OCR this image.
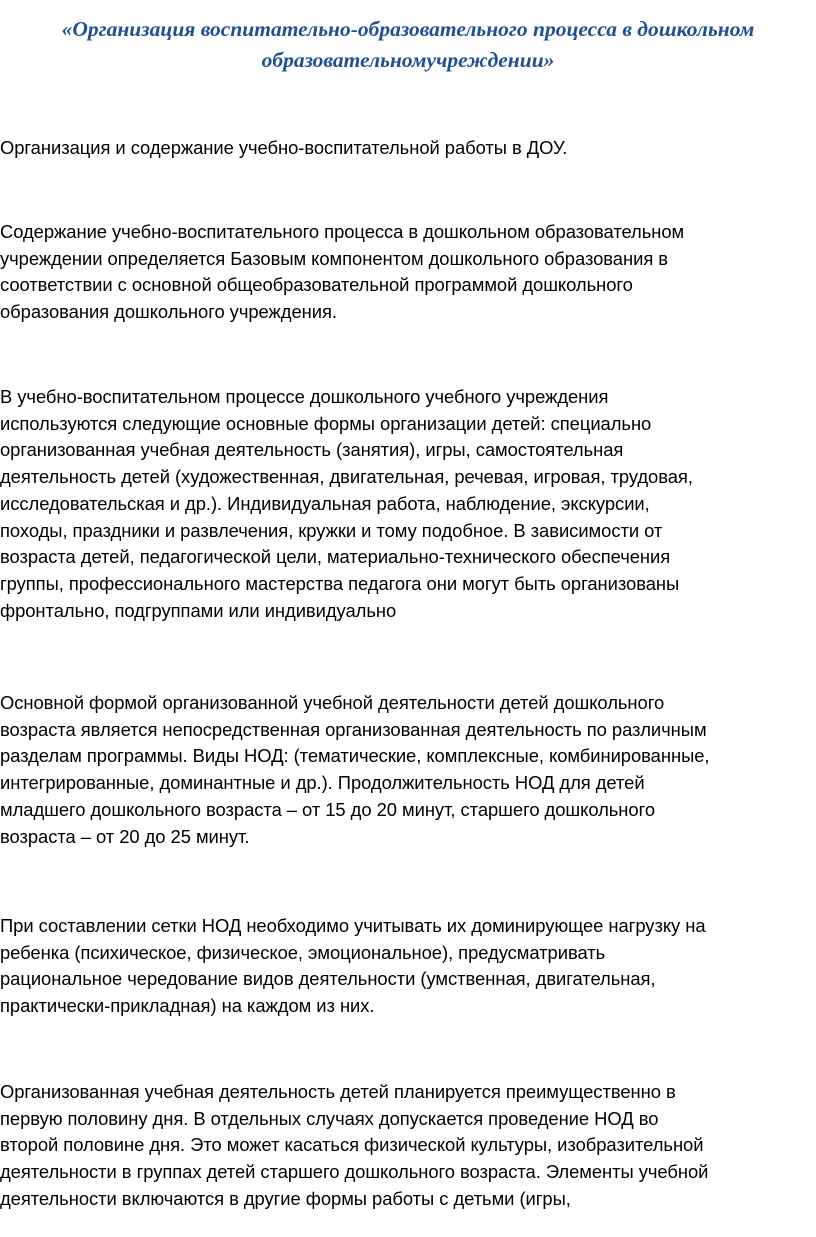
«Организация воспитательно-образовательного процесса в дошкольном
образовательномучреждении»

Организация и содержание учебно-воспитательной работы в ДОУ.

Содержание учебно-воспитательного процесса в дошкольном образовательном
учреждении определяется Базовым компонентом дошкольного образования в
соответствии с основной общеобразовательной программой дошкольного
образования дошкольного учреждения.

В учебно-воспитательном процессе дошкольного учебного учреждения
используются следующие основные формы организации детей: специально
организованная учебная деятельность (занятия), игры, самостоятельная
деятельность детей (художественная, двигательная, речевая, игровая, трудовая,
исследовательская и др.). Индивидуальная работа, наблюдение, экскурсии,
походы, праздники и развлечения, кружки и тому подобное. В зависимости от
возраста детей, педагогической цели, материально-технического обеспечения
группы, профессионального мастерства педагога они могут быть организованы
фронтально, подгруппами или индивидуально

Основной формой организованной учебной деятельности детей дошкольного
возраста является непосредственная организованная деятельность по различным
разделам программы. Виды НОД: (тематические, комплексные, комбинированные,
интегрированные, доминантные и др.). Продолжительность НОД для детей
младшего дошкольного возраста – от 15 до 20 минут, старшего дошкольного
возраста – от 20 до 25 минут.

При составлении сетки НОД необходимо учитывать их доминирующее нагрузку на
ребенка (психическое, физическое, эмоциональное), предусматривать
рациональное чередование видов деятельности (умственная, двигательная,
практически-прикладная) на каждом из них.

Организованная учебная деятельность детей планируется преимущественно в
первую половину дня. В отдельных случаях допускается проведение НОД во
второй половине дня. Это может касаться физической культуры, изобразительной
деятельности в группах детей старшего дошкольного возраста. Элементы учебной
деятельности включаются в другие формы работы с детьми (игры,
